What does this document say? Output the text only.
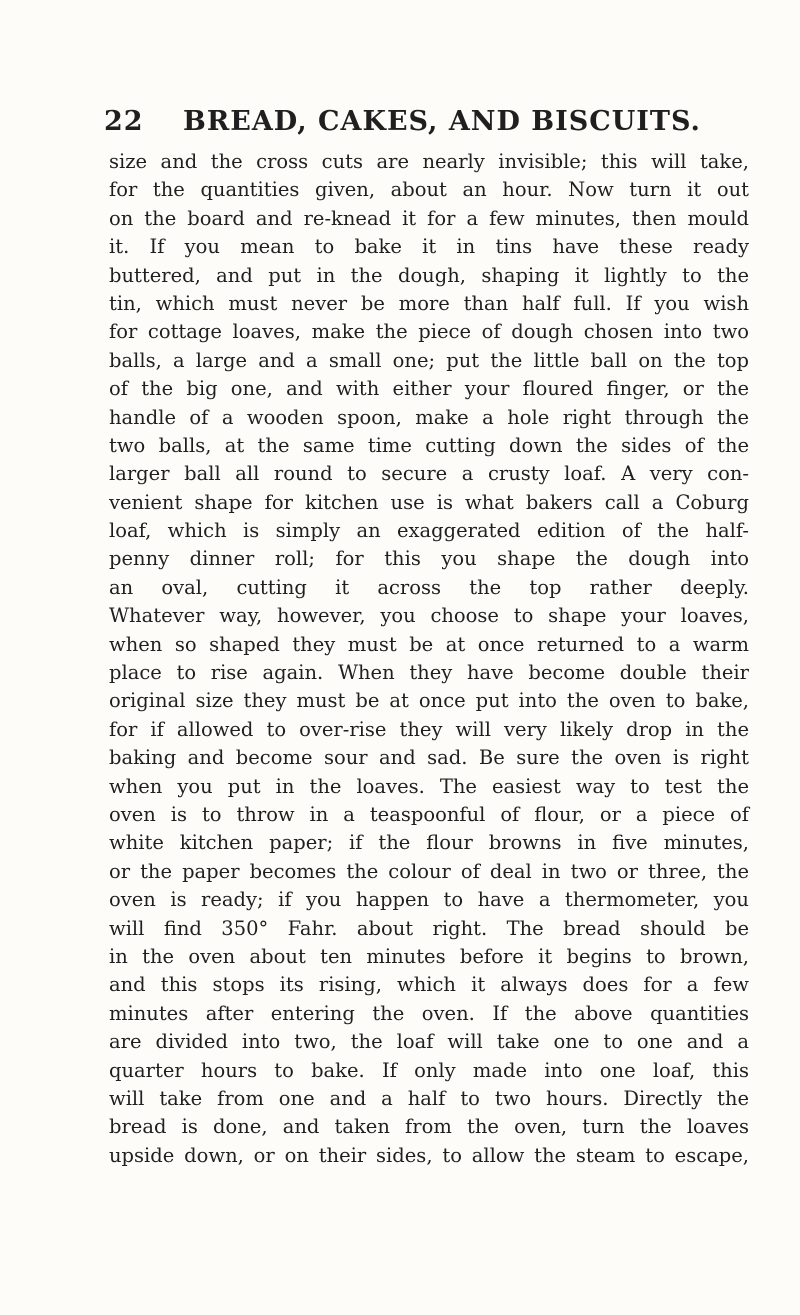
22 BREAD, CAKES, AND BISCUITS.
size and the cross cuts are nearly invisible; this will take,
for the quantities given, about an hour. Now turn it out
on the board and re-knead it for a few minutes, then mould
it. If you mean to bake it in tins have these ready
buttered, and put in the dough, shaping it lightly to the
tin, which must never be more than half full. If you wish
for cottage loaves, make the piece of dough chosen into two
balls, a large and a small one; put the little ball on the top
of the big one, and with either your floured finger, or the
handle of a wooden spoon, make a hole right through the
two balls, at the same time cutting down the sides of the
larger ball all round to secure a crusty loaf. A very con-
venient shape for kitchen use is what bakers call a Coburg
loaf, which is simply an exaggerated edition of the half-
penny dinner roll; for this you shape the dough into
an oval, cutting it across the top rather deeply.
Whatever way, however, you choose to shape your loaves,
when so shaped they must be at once returned to a warm
place to rise again. When they have become double their
original size they must be at once put into the oven to bake,
for if allowed to over-rise they will very likely drop in the
baking and become sour and sad. Be sure the oven is right
when you put in the loaves. The easiest way to test the
oven is to throw in a teaspoonful of flour, or a piece of
white kitchen paper; if the flour browns in five minutes,
or the paper becomes the colour of deal in two or three, the
oven is ready; if you happen to have a thermometer, you
will find 350° Fahr. about right. The bread should be
in the oven about ten minutes before it begins to brown,
and this stops its rising, which it always does for a few
minutes after entering the oven. If the above quantities
are divided into two, the loaf will take one to one and a
quarter hours to bake. If only made into one loaf, this
will take from one and a half to two hours. Directly the
bread is done, and taken from the oven, turn the loaves
upside down, or on their sides, to allow the steam to escape,
